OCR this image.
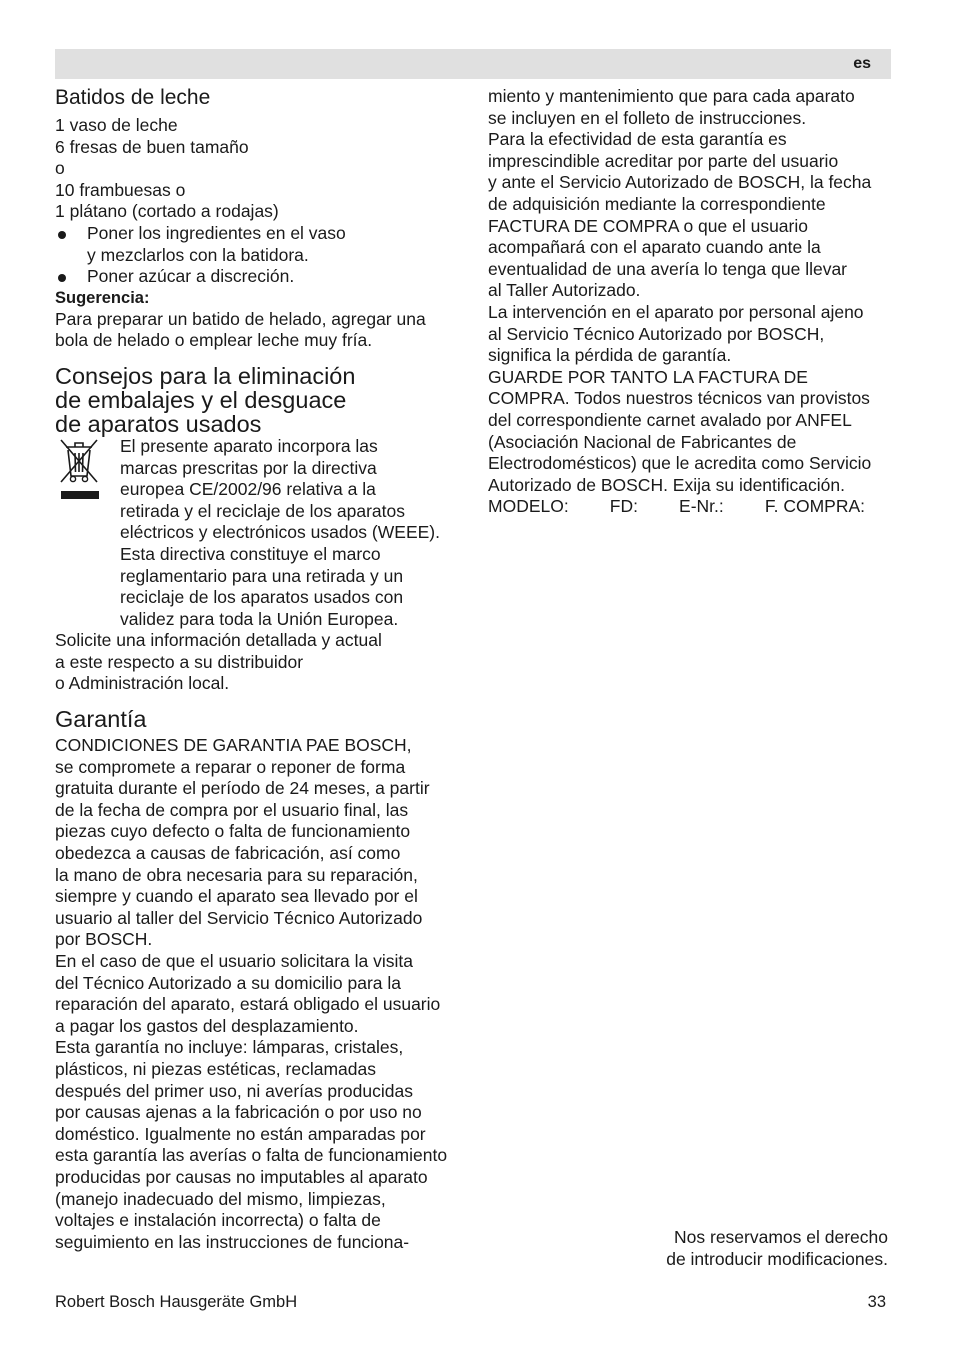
es
Batidos de leche

1 vaso de leche

6 fresas de buen tamaño

o

10 frambuesas o

1 plátano (cortado a rodajas)

Poner los ingredientes en el vaso

y mezclarlos con la batidora.

Poner azúcar a discreción.

Sugerencia:

Para preparar un batido de helado, agregar una

bola de helado o emplear leche muy fría.

Consejos para la eliminación
de embalajes y el desguace
de aparatos usados

El presente aparato incorpora las

marcas prescritas por la directiva

europea CE/2002/96 relativa a la

retirada y el reciclaje de los aparatos

eléctricos y electrónicos usados (WEEE).

Esta directiva constituye el marco

reglamentario para una retirada y un

reciclaje de los aparatos usados con

validez para toda la Unión Europea.

Solicite una información detallada y actual

a este respecto a su distribuidor

o Administración local.

Garantía

CONDICIONES DE GARANTIA PAE BOSCH,

se compromete a reparar o reponer de forma

gratuita durante el período de 24 meses, a partir

de la fecha de compra por el usuario final, las

piezas cuyo defecto o falta de funcionamiento

obedezca a causas de fabricación, así como

la mano de obra necesaria para su reparación,

siempre y cuando el aparato sea llevado por el

usuario al taller del Servicio Técnico Autorizado

por BOSCH.

En el caso de que el usuario solicitara la visita

del Técnico Autorizado a su domicilio para la

reparación del aparato, estará obligado el usuario

a pagar los gastos del desplazamiento.

Esta garantía no incluye: lámparas, cristales,

plásticos, ni piezas estéticas, reclamadas

después del primer uso, ni averías producidas

por causas ajenas a la fabricación o por uso no

doméstico. Igualmente no están amparadas por

esta garantía las averías o falta de funcionamiento

producidas por causas no imputables al aparato

(manejo inadecuado del mismo, limpiezas,

voltajes e instalación incorrecta) o falta de

seguimiento en las instrucciones de funciona-

miento y mantenimiento que para cada aparato

se incluyen en el folleto de instrucciones.

Para la efectividad de esta garantía es

imprescindible acreditar por parte del usuario

y ante el Servicio Autorizado de BOSCH, la fecha

de adquisición mediante la correspondiente

FACTURA DE COMPRA o que el usuario

acompañará con el aparato cuando ante la

eventualidad de una avería lo tenga que llevar

al Taller Autorizado.

La intervención en el aparato por personal ajeno

al Servicio Técnico Autorizado por BOSCH,

significa la pérdida de garantía.

GUARDE POR TANTO LA FACTURA DE

COMPRA. Todos nuestros técnicos van provistos

del correspondiente carnet avalado por ANFEL

(Asociación Nacional de Fabricantes de

Electrodomésticos) que le acredita como Servicio

Autorizado de BOSCH. Exija su identificación.

MODELO: FD: E-Nr.: F. COMPRA:

Nos reservamos el derecho

de introducir modificaciones.

Robert Bosch Hausgeräte GmbH	33
